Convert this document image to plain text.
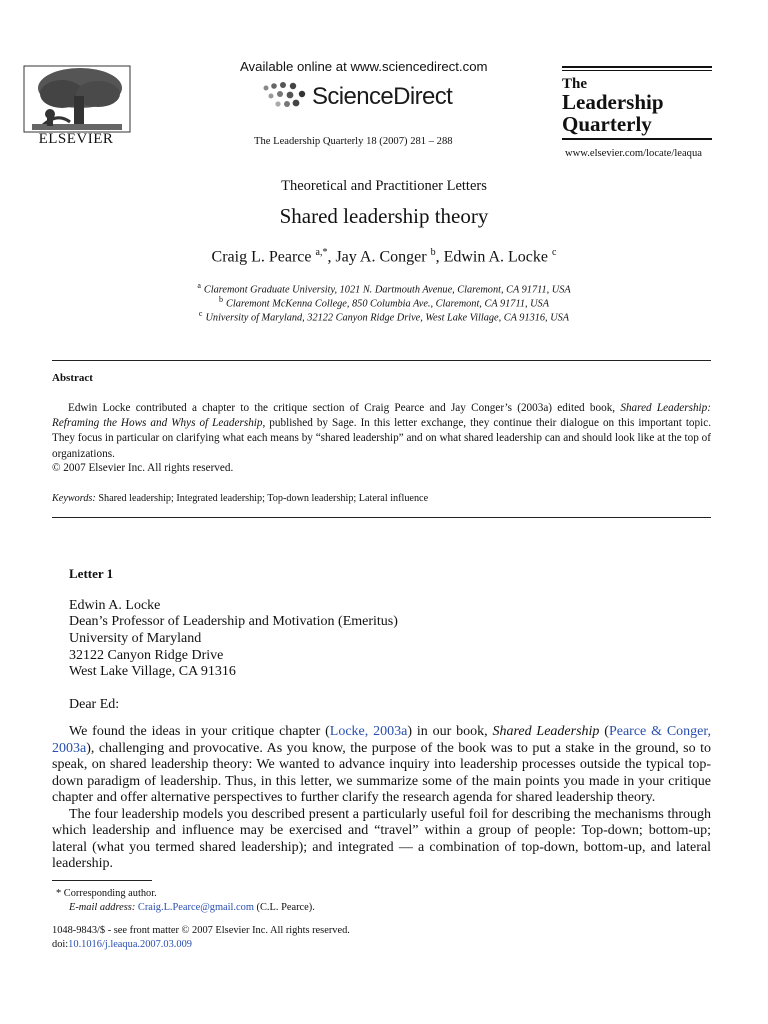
ELSEVIER
Available online at www.sciencedirect.com
ScienceDirect
The Leadership Quarterly 18 (2007) 281 – 288
The
Leadership
Quarterly
www.elsevier.com/locate/leaqua
Theoretical and Practitioner Letters
Shared leadership theory
Craig L. Pearce $^{a,*}$, Jay A. Conger $^b$, Edwin A. Locke $^c$
$^a$ Claremont Graduate University, 1021 N. Dartmouth Avenue, Claremont, CA 91711, USA
$^b$ Claremont McKenna College, 850 Columbia Ave., Claremont, CA 91711, USA
$^c$ University of Maryland, 32122 Canyon Ridge Drive, West Lake Village, CA 91316, USA
Abstract

Edwin Locke contributed a chapter to the critique section of Craig Pearce and Jay Conger’s (2003a) edited book, Shared Leadership: Reframing the Hows and Whys of Leadership, published by Sage. In this letter exchange, they continue their dialogue on this important topic. They focus in particular on clarifying what each means by “shared leadership” and on what shared leadership can and should look like at the top of organizations.

© 2007 Elsevier Inc. All rights reserved.
Keywords: Shared leadership; Integrated leadership; Top-down leadership; Lateral influence
Letter 1
Edwin A. Locke
Dean’s Professor of Leadership and Motivation (Emeritus)
University of Maryland
32122 Canyon Ridge Drive
West Lake Village, CA 91316
Dear Ed:

We found the ideas in your critique chapter (Locke, 2003a) in our book, Shared Leadership (Pearce & Conger, 2003a), challenging and provocative. As you know, the purpose of the book was to put a stake in the ground, so to speak, on shared leadership theory: We wanted to advance inquiry into leadership processes outside the typical top-down paradigm of leadership. Thus, in this letter, we summarize some of the main points you made in your critique chapter and offer alternative perspectives to further clarify the research agenda for shared leadership theory.

The four leadership models you described present a particularly useful foil for describing the mechanisms through which leadership and influence may be exercised and “travel” within a group of people: Top-down; bottom-up; lateral (what you termed shared leadership); and integrated — a combination of top-down, bottom-up, and lateral leadership.

* Corresponding author.
E-mail address: Craig.L.Pearce@gmail.com (C.L. Pearce).
1048-9843/$ - see front matter © 2007 Elsevier Inc. All rights reserved.
doi:10.1016/j.leaqua.2007.03.009
